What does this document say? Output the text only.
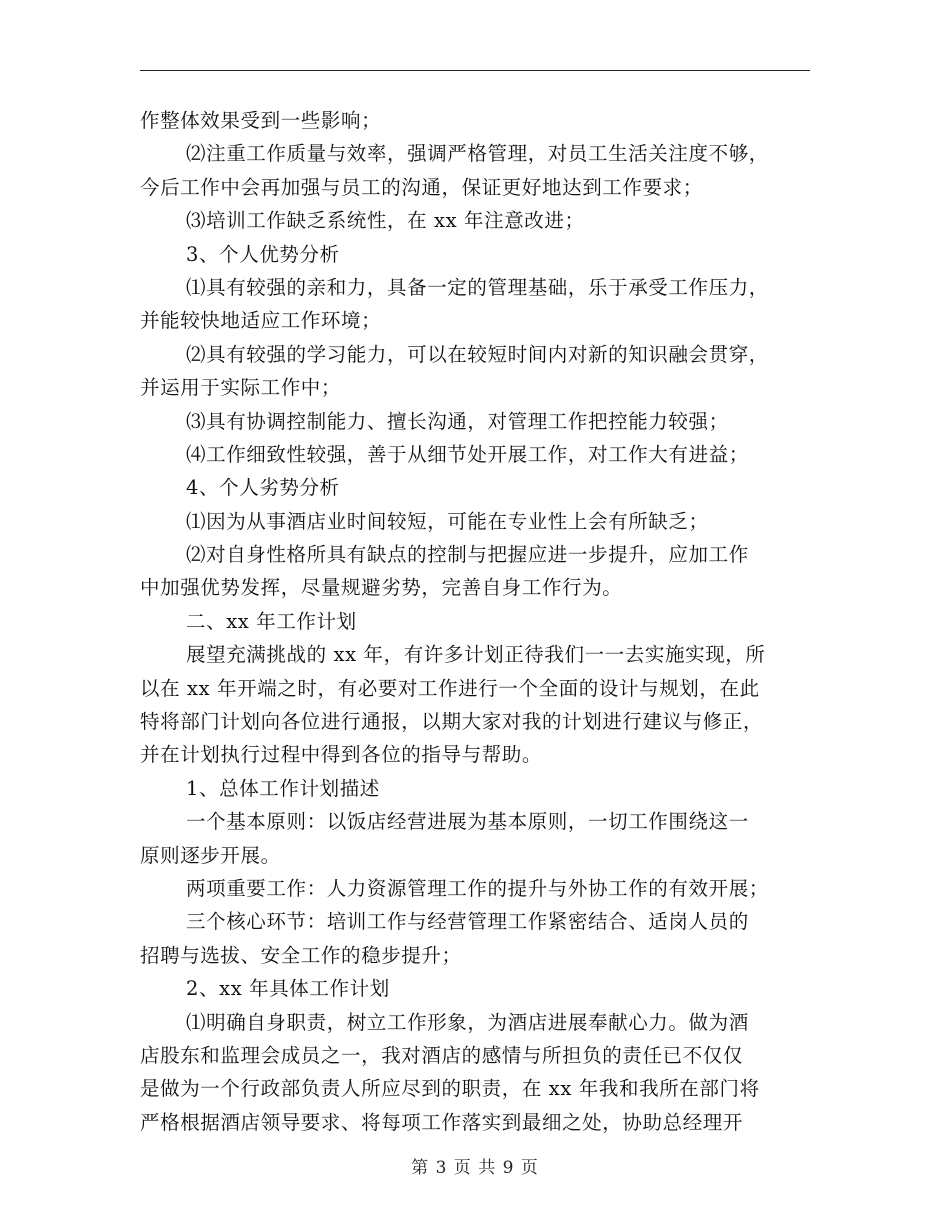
作整体效果受到一些影响；
⑵注重工作质量与效率，强调严格管理，对员工生活关注度不够，
今后工作中会再加强与员工的沟通，保证更好地达到工作要求；
⑶培训工作缺乏系统性，在 xx 年注意改进；
3、个人优势分析
⑴具有较强的亲和力，具备一定的管理基础，乐于承受工作压力，
并能较快地适应工作环境；
⑵具有较强的学习能力，可以在较短时间内对新的知识融会贯穿，
并运用于实际工作中；
⑶具有协调控制能力、擅长沟通，对管理工作把控能力较强；
⑷工作细致性较强，善于从细节处开展工作，对工作大有进益；
4、个人劣势分析
⑴因为从事酒店业时间较短，可能在专业性上会有所缺乏；
⑵对自身性格所具有缺点的控制与把握应进一步提升，应加工作
中加强优势发挥，尽量规避劣势，完善自身工作行为。
二、xx 年工作计划
展望充满挑战的 xx 年，有许多计划正待我们一一去实施实现，所
以在 xx 年开端之时，有必要对工作进行一个全面的设计与规划，在此
特将部门计划向各位进行通报，以期大家对我的计划进行建议与修正，
并在计划执行过程中得到各位的指导与帮助。
1、总体工作计划描述
一个基本原则：以饭店经营进展为基本原则，一切工作围绕这一
原则逐步开展。
两项重要工作：人力资源管理工作的提升与外协工作的有效开展；
三个核心环节：培训工作与经营管理工作紧密结合、适岗人员的
招聘与选拔、安全工作的稳步提升；
2、xx 年具体工作计划
⑴明确自身职责，树立工作形象，为酒店进展奉献心力。做为酒
店股东和监理会成员之一，我对酒店的感情与所担负的责任已不仅仅
是做为一个行政部负责人所应尽到的职责，在 xx 年我和我所在部门将
严格根据酒店领导要求、将每项工作落实到最细之处，协助总经理开
第 3 页 共 9 页
